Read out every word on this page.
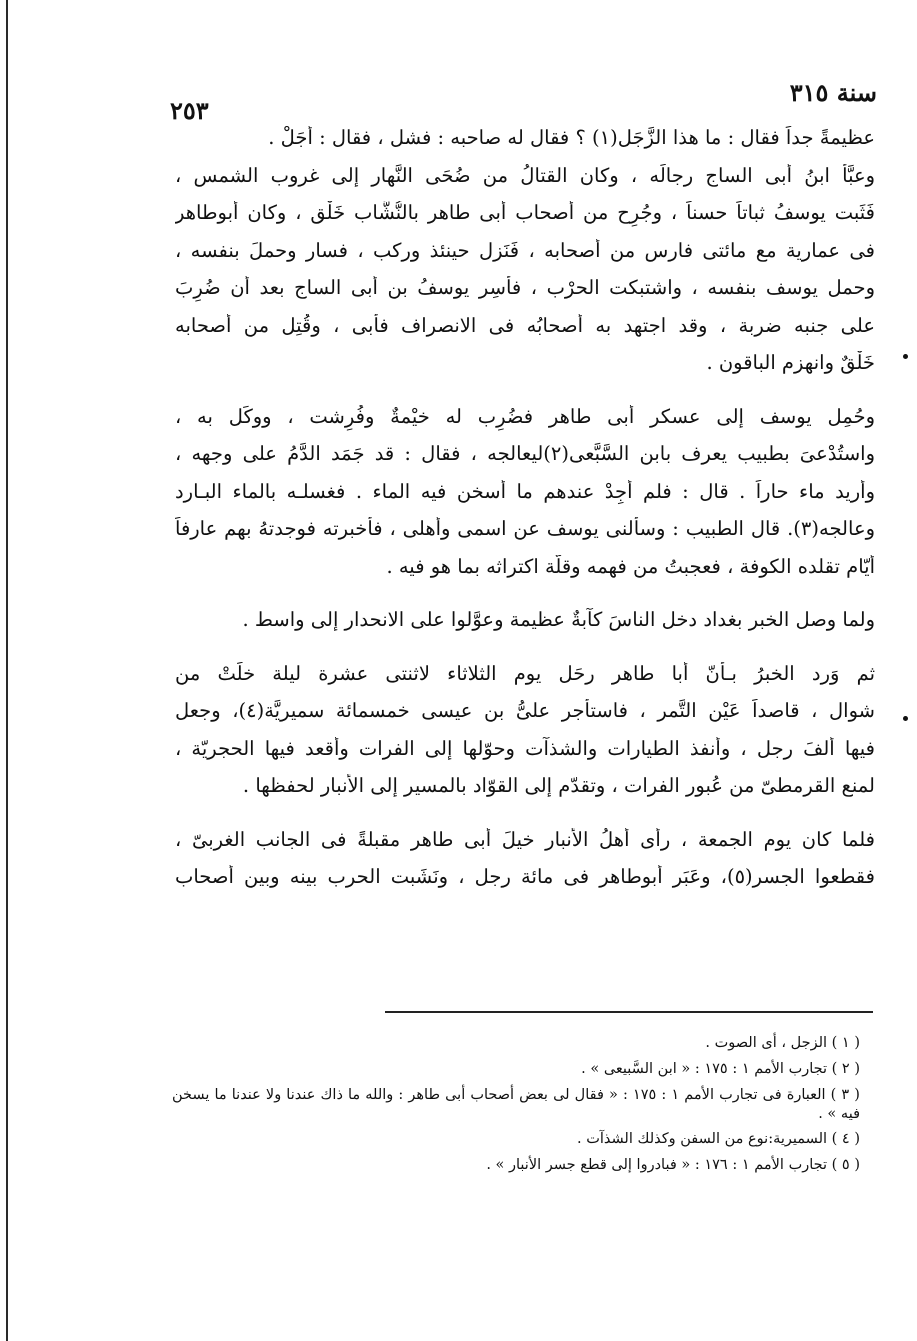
سنة ٣١٥
٢٥٣
عظيمةً جداً فقال : ما هذا الزَّجَل(١) ؟ فقال له صاحبه : فشل ، فقال : أجَلْ .
وعبَّأ ابنُ أبى الساج رجالَه ، وكان القتالُ من ضُحَى النَّهار إلى غروب الشمس ،
فَثَبت يوسفُ ثباتاً حسناً ، وجُرِح من أصحاب أبى طاهر بالنُّشَّاب خَلْق ، وكان أبوطاهر
فى عمارية مع مائتى فارس من أصحابه ، فَنَزل حينئذ وركب ، فسار وحملَ بنفسه ،
وحمل يوسف بنفسه ، واشتبكت الحرْب ، فأُسِر يوسفُ بن أبى الساج بعد أن ضُرِبَ
على جنبه ضربة ، وقد اجتهد به أصحابُه فى الانصراف فأبى ، وقُتِل من أصحابه
خَلْقٌ وانهزم الباقون .
وحُمِل يوسف إلى عسكر أبى طاهر فضُرِب له خيْمةٌ وفُرِشت ، ووكِّل به ،
واستُدْعىَ بطبيب يعرف بابن السَّبَّعى(٢)ليعالجه ، فقال : قد جَمَد الدَّمُ على وجهه ،
وأريد ماء حاراً . قال : فلم أجِدْ عندهم ما أسخن فيه الماء . فغسلـه بالماء البـارد
وعالجه(٣). قال الطبيب : وسألنى يوسف عن اسمى وأهلى ، فأخبرته فوجدتهُ بهم عارفاً
أيّام تقلده الكوفة ، فعجبتُ من فهمه وقلّة اكتراثه بما هو فيه .
ولما وصل الخبر بغداد دخل الناسَ كآبةٌ عظيمة وعوَّلوا على الانحدار إلى واسط .
ثم وَرد الخبرُ بـأنّ أبا طاهر رحَل يوم الثلاثاء لاثنتى عشرة ليلة خلَتْ من
شوال ، قاصداً عَيْن التَّمر ، فاستأجر علىُّ بن عيسى خمسمائة سميريَّة(٤)، وجعل
فيها ألفَ رجل ، وأنفذ الطيارات والشذآت وحوّلها إلى الفرات وأقعد فيها الحجريّة ،
لمنع القرمطىّ من عُبور الفرات ، وتقدّم إلى القوّاد بالمسير إلى الأنبار لحفظها .
فلما كان يوم الجمعة ، رأى أهلُ الأنبار خيلَ أبى طاهر مقبلةً فى الجانب الغربىّ ،
فقطعوا الجسر(٥)، وعَبَر أبوطاهر فى مائة رجل ، ونَشَبت الحرب بينه وبين أصحاب
( ١ ) الزجل ، أى الصوت .
( ٢ ) تجارب الأمم ١ : ١٧٥ : « ابن السَّبيعى » .
( ٣ ) العبارة فى تجارب الأمم ١ : ١٧٥ : « فقال لى بعض أصحاب أبى طاهر : والله ما ذاك عندنا ولا عندنا ما يسخن فيه » .
( ٤ ) السميرية:نوع من السفن وكذلك الشذآت .
( ٥ ) تجارب الأمم ١ : ١٧٦ : « فبادروا إلى قطع جسر الأنبار » .
